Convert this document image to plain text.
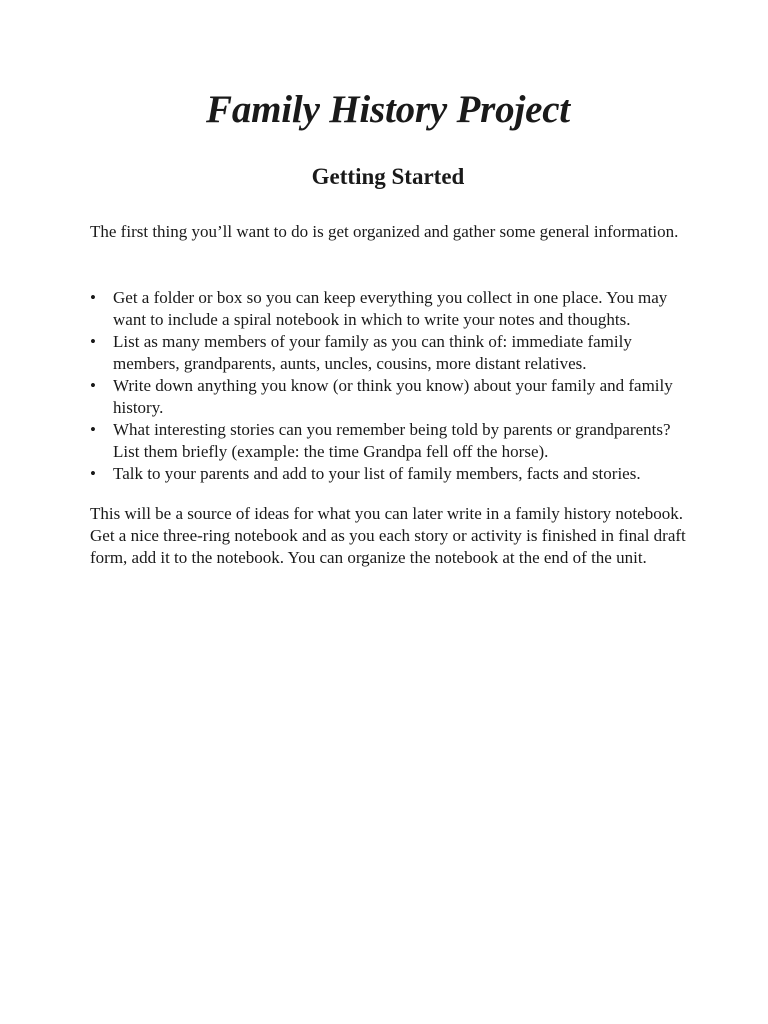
Family History Project
Getting Started

The first thing you’ll want to do is get organized and gather some general information.

• Get a folder or box so you can keep everything you collect in one place. You may want to include a spiral notebook in which to write your notes and thoughts.
• List as many members of your family as you can think of: immediate family members, grandparents, aunts, uncles, cousins, more distant relatives.
• Write down anything you know (or think you know) about your family and family history.
• What interesting stories can you remember being told by parents or grandparents? List them briefly (example: the time Grandpa fell off the horse).
• Talk to your parents and add to your list of family members, facts and stories.

This will be a source of ideas for what you can later write in a family history notebook. Get a nice three-ring notebook and as you each story or activity is finished in final draft form, add it to the notebook. You can organize the notebook at the end of the unit.
